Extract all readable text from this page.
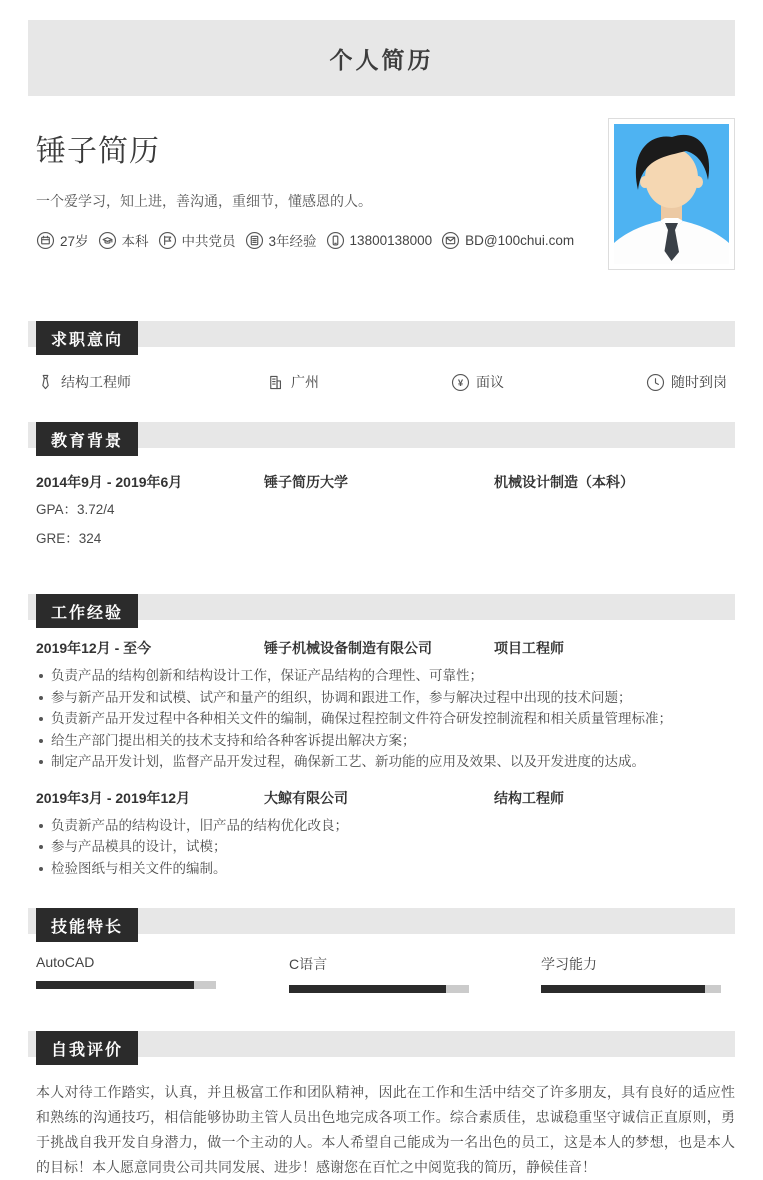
个人简历
锤子简历
一个爱学习，知上进，善沟通，重细节，懂感恩的人。
27岁 本科 中共党员 3年经验 13800138000 BD@100chui.com
求职意向
结构工程师	广州	¥ 面议	随时到岗
教育背景
2014年9月 - 2019年6月	锤子简历大学	机械设计制造（本科）
GPA：3.72/4
GRE：324
工作经验
2019年12月 - 至今	锤子机械设备制造有限公司	项目工程师
负责产品的结构创新和结构设计工作，保证产品结构的合理性、可靠性；
参与新产品开发和试模、试产和量产的组织，协调和跟进工作，参与解决过程中出现的技术问题；
负责新产品开发过程中各种相关文件的编制，确保过程控制文件符合研发控制流程和相关质量管理标准；
给生产部门提出相关的技术支持和给各种客诉提出解决方案；
制定产品开发计划，监督产品开发过程，确保新工艺、新功能的应用及效果、以及开发进度的达成。
2019年3月 - 2019年12月	大鲸有限公司	结构工程师
负责新产品的结构设计，旧产品的结构优化改良；
参与产品模具的设计，试模；
检验图纸与相关文件的编制。
技能特长
AutoCAD	C语言	学习能力
自我评价
本人对待工作踏实，认真，并且极富工作和团队精神，因此在工作和生活中结交了许多朋友，具有良好的适应性和熟练的沟通技巧，相信能够协助主管人员出色地完成各项工作。综合素质佳，忠诚稳重坚守诚信正直原则，勇于挑战自我开发自身潜力，做一个主动的人。本人希望自己能成为一名出色的员工，这是本人的梦想，也是本人的目标！本人愿意同贵公司共同发展、进步！感谢您在百忙之中阅览我的简历，静候佳音！
